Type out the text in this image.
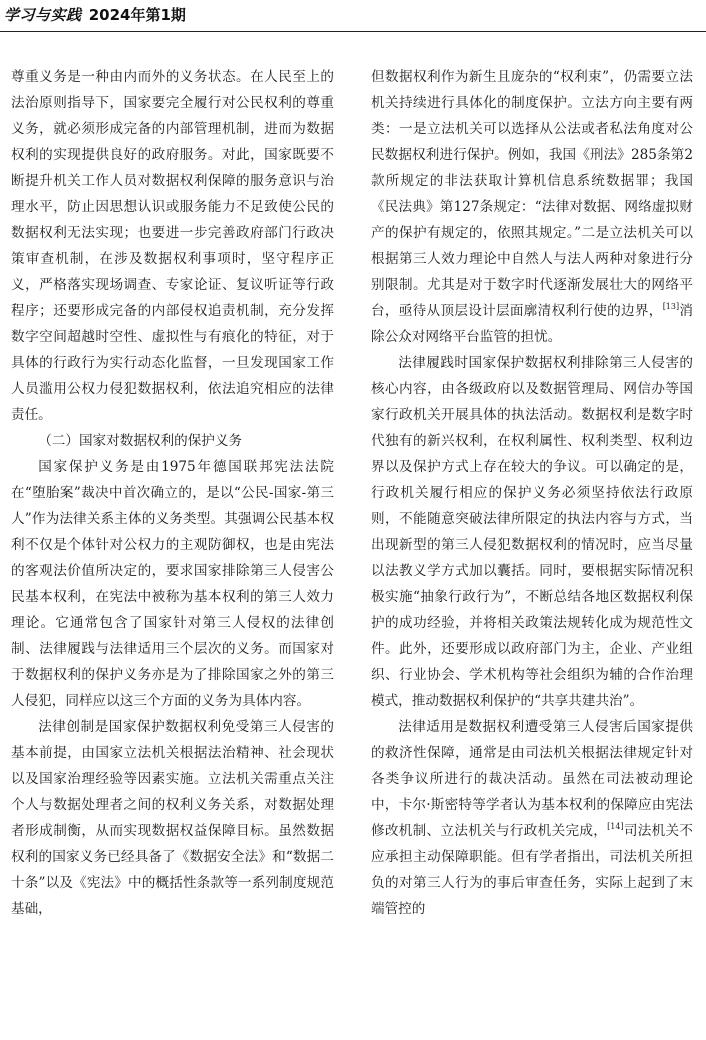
学习与实践 2024年第1期

尊重义务是一种由内而外的义务状态。在人民至上的法治原则指导下，国家要完全履行对公民权利的尊重义务，就必须形成完备的内部管理机制，进而为数据权利的实现提供良好的政府服务。对此，国家既要不断提升机关工作人员对数据权利保障的服务意识与治理水平，防止因思想认识或服务能力不足致使公民的数据权利无法实现；也要进一步完善政府部门行政决策审查机制，在涉及数据权利事项时，坚守程序正义，严格落实现场调查、专家论证、复议听证等行政程序；还要形成完备的内部侵权追责机制，充分发挥数字空间超越时空性、虚拟性与有痕化的特征，对于具体的行政行为实行动态化监督，一旦发现国家工作人员滥用公权力侵犯数据权利，依法追究相应的法律责任。

（二）国家对数据权利的保护义务

国家保护义务是由1975年德国联邦宪法法院在“堕胎案”裁决中首次确立的，是以“公民-国家-第三人”作为法律关系主体的义务类型。其强调公民基本权利不仅是个体针对公权力的主观防御权，也是由宪法的客观法价值所决定的，要求国家排除第三人侵害公民基本权利，在宪法中被称为基本权利的第三人效力理论。它通常包含了国家针对第三人侵权的法律创制、法律履践与法律适用三个层次的义务。而国家对于数据权利的保护义务亦是为了排除国家之外的第三人侵犯，同样应以这三个方面的义务为具体内容。

法律创制是国家保护数据权利免受第三人侵害的基本前提，由国家立法机关根据法治精神、社会现状以及国家治理经验等因素实施。立法机关需重点关注个人与数据处理者之间的权利义务关系，对数据处理者形成制衡，从而实现数据权益保障目标。虽然数据权利的国家义务已经具备了《数据安全法》和“数据二十条”以及《宪法》中的概括性条款等一系列制度规范基础，

但数据权利作为新生且庞杂的“权利束”，仍需要立法机关持续进行具体化的制度保护。立法方向主要有两类：一是立法机关可以选择从公法或者私法角度对公民数据权利进行保护。例如，我国《刑法》285条第2款所规定的非法获取计算机信息系统数据罪；我国《民法典》第127条规定：“法律对数据、网络虚拟财产的保护有规定的，依照其规定。”二是立法机关可以根据第三人效力理论中自然人与法人两种对象进行分别限制。尤其是对于数字时代逐渐发展壮大的网络平台，亟待从顶层设计层面廓清权利行使的边界，[13]消除公众对网络平台监管的担忧。

法律履践时国家保护数据权利排除第三人侵害的核心内容，由各级政府以及数据管理局、网信办等国家行政机关开展具体的执法活动。数据权利是数字时代独有的新兴权利，在权利属性、权利类型、权利边界以及保护方式上存在较大的争议。可以确定的是，行政机关履行相应的保护义务必须坚持依法行政原则，不能随意突破法律所限定的执法内容与方式，当出现新型的第三人侵犯数据权利的情况时，应当尽量以法教义学方式加以囊括。同时，要根据实际情况积极实施“抽象行政行为”，不断总结各地区数据权利保护的成功经验，并将相关政策法规转化成为规范性文件。此外，还要形成以政府部门为主，企业、产业组织、行业协会、学术机构等社会组织为辅的合作治理模式，推动数据权利保护的“共享共建共治”。

法律适用是数据权利遭受第三人侵害后国家提供的救济性保障，通常是由司法机关根据法律规定针对各类争议所进行的裁决活动。虽然在司法被动理论中，卡尔·斯密特等学者认为基本权利的保障应由宪法修改机制、立法机关与行政机关完成，[14]司法机关不应承担主动保障职能。但有学者指出，司法机关所担负的对第三人行为的事后审查任务，实际上起到了末端管控的
